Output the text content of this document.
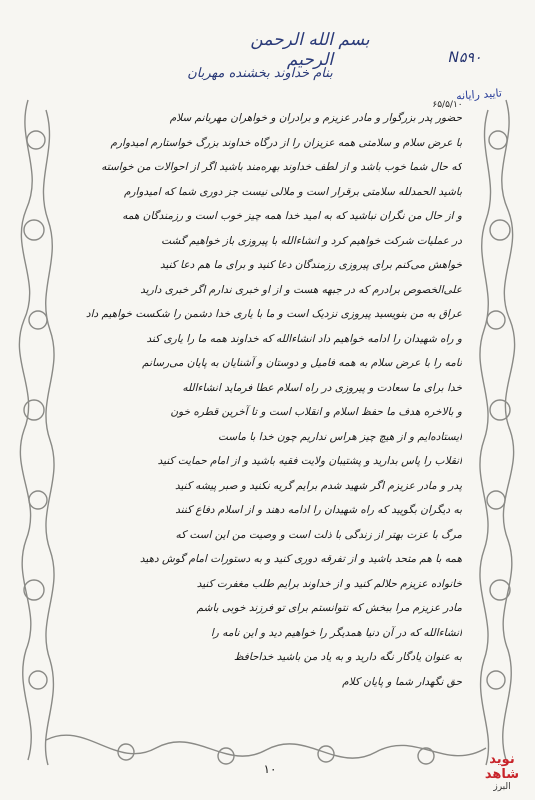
بسم الله الرحمن الرحیم	N۵۹۰
بنام خداوند بخشنده مهربان
تایید رایانه
۶۵/۵/۱۰
حضور پدر بزرگوار و مادر عزیزم و برادران و خواهران مهربانم سلام
با عرض سلام و سلامتی همه عزیزان را از درگاه خداوند بزرگ خواستارم امیدوارم
که حال شما خوب باشد و از لطف خداوند بهره‌مند باشید اگر از احوالات من خواسته
باشید الحمدلله سلامتی برقرار است و ملالی نیست جز دوری شما که امیدوارم
و از حال من نگران نباشید که به امید خدا همه چیز خوب است و رزمندگان همه
در عملیات شرکت خواهیم کرد و انشاءالله با پیروزی باز خواهیم گشت
خواهش می‌کنم برای پیروزی رزمندگان دعا کنید و برای ما هم دعا کنید
علی‌الخصوص برادرم که در جبهه هست و از او خبری ندارم اگر خبری دارید
عراق به من بنویسید پیروزی نزدیک است و ما با یاری خدا دشمن را شکست خواهیم داد
و راه شهیدان را ادامه خواهیم داد انشاءالله که خداوند همه ما را یاری کند
نامه را با عرض سلام به همه فامیل و دوستان و آشنایان به پایان می‌رسانم
خدا برای ما سعادت و پیروزی در راه اسلام عطا فرماید انشاءالله
و بالاخره هدف ما حفظ اسلام و انقلاب است و تا آخرین قطره خون
ایستاده‌ایم و از هیچ چیز هراس نداریم چون خدا با ماست
انقلاب را پاس بدارید و پشتیبان ولایت فقیه باشید و از امام حمایت کنید
پدر و مادر عزیزم اگر شهید شدم برایم گریه نکنید و صبر پیشه کنید
به دیگران بگویید که راه شهیدان را ادامه دهند و از اسلام دفاع کنند
مرگ با عزت بهتر از زندگی با ذلت است و وصیت من این است که
همه با هم متحد باشید و از تفرقه دوری کنید و به دستورات امام گوش دهید
خانواده عزیزم حلالم کنید و از خداوند برایم طلب مغفرت کنید
مادر عزیزم مرا ببخش که نتوانستم برای تو فرزند خوبی باشم
انشاءالله که در آن دنیا همدیگر را خواهیم دید و این نامه را
به عنوان یادگار نگه دارید و به یاد من باشید خداحافظ
حق نگهدار شما و پایان کلام
۱۰
نوید شاهد
البرز
